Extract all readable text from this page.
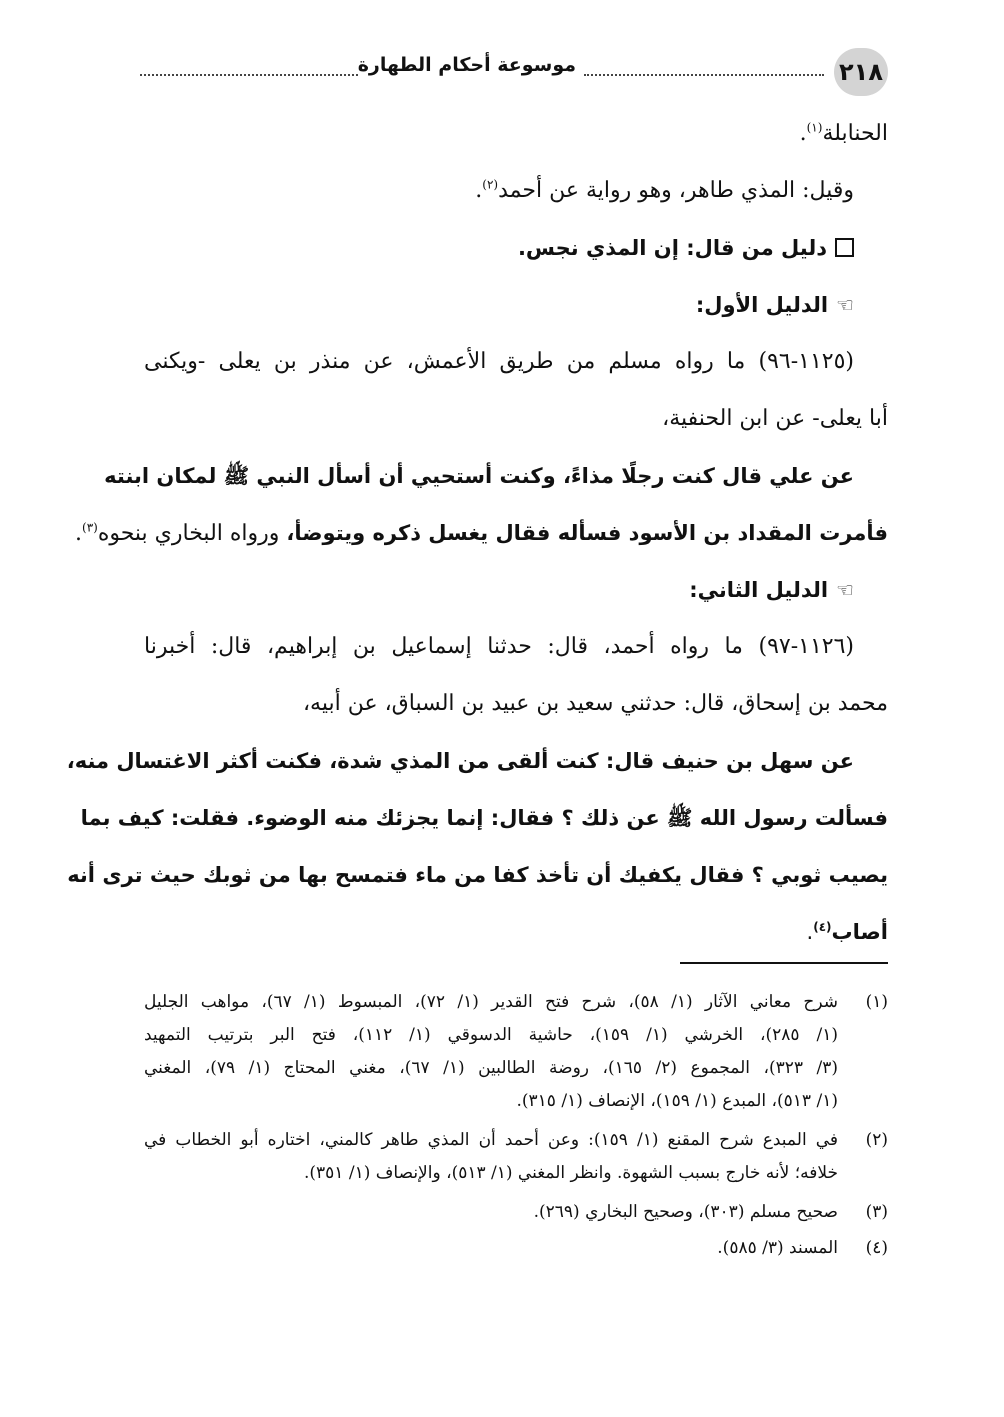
٢١٨
موسوعة أحكام الطهارة
الحنابلة$^{(١)}$.
وقيل: المذي طاهر، وهو رواية عن أحمد$^{(٢)}$.
دليل من قال: إن المذي نجس.
☜الدليل الأول:
(١١٢٥-٩٦) ما رواه مسلم من طريق الأعمش، عن منذر بن يعلى -ويكنى
أبا يعلى- عن ابن الحنفية،
عن علي قال كنت رجلًا مذاءً، وكنت أستحيي أن أسأل النبي ﷺ لمكان ابنته
فأمرت المقداد بن الأسود فسأله فقال يغسل ذكره ويتوضأ، ورواه البخاري بنحوه$^{(٣)}$.
☜الدليل الثاني:
(١١٢٦-٩٧) ما رواه أحمد، قال: حدثنا إسماعيل بن إبراهيم، قال: أخبرنا
محمد بن إسحاق، قال: حدثني سعيد بن عبيد بن السباق، عن أبيه،
عن سهل بن حنيف قال: كنت ألقى من المذي شدة، فكنت أكثر الاغتسال منه،
فسألت رسول الله ﷺ عن ذلك ؟ فقال: إنما يجزئك منه الوضوء. فقلت: كيف بما
يصيب ثوبي ؟ فقال يكفيك أن تأخذ كفا من ماء فتمسح بها من ثوبك حيث ترى أنه
أصاب$^{(٤)}$.
(١)
شرح معاني الآثار (١/ ٥٨)، شرح فتح القدير (١/ ٧٢)، المبسوط (١/ ٦٧)، مواهب الجليل
(١/ ٢٨٥)، الخرشي (١/ ١٥٩)، حاشية الدسوقي (١/ ١١٢)، فتح البر بترتيب التمهيد
(٣/ ٣٢٣)، المجموع (٢/ ١٦٥)، روضة الطالبين (١/ ٦٧)، مغني المحتاج (١/ ٧٩)، المغني
(١/ ٥١٣)، المبدع (١/ ١٥٩)، الإنصاف (١/ ٣١٥).
(٢)
في المبدع شرح المقنع (١/ ١٥٩): وعن أحمد أن المذي طاهر كالمني، اختاره أبو الخطاب في
خلافه؛ لأنه خارج بسبب الشهوة. وانظر المغني (١/ ٥١٣)، والإنصاف (١/ ٣٥١).
(٣)
صحيح مسلم (٣٠٣)، وصحيح البخاري (٢٦٩).
(٤)
المسند (٣/ ٥٨٥).
